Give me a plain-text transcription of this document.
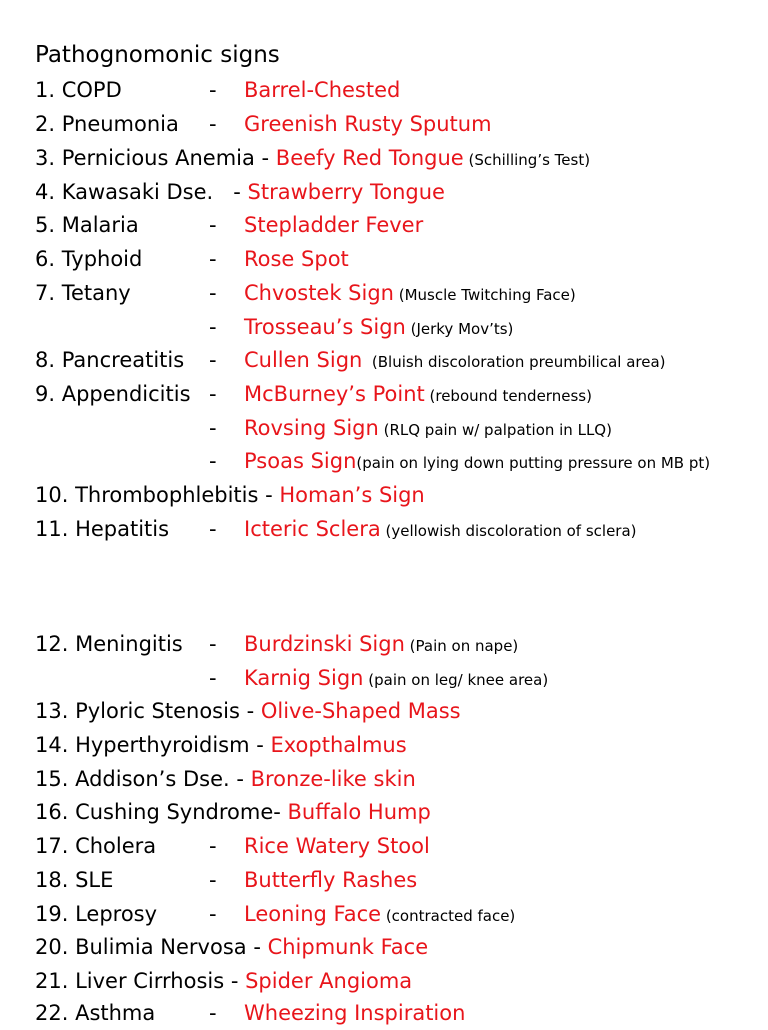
Pathognomonic signs
1. COPD	- Barrel-Chested
2. Pneumonia - Greenish Rusty Sputum
3. Pernicious Anemia - Beefy Red Tongue (Schilling’s Test)
4. Kawasaki Dse.   - Strawberry Tongue
5. Malaria	- Stepladder Fever
6. Typhoid	- Rose Spot
7. Tetany	- Chvostek Sign (Muscle Twitching Face)
- Trosseau’s Sign (Jerky Mov’ts)
8. Pancreatitis - Cullen Sign  (Bluish discoloration preumbilical area)
9. Appendicitis - McBurney’s Point (rebound tenderness)
- Rovsing Sign (RLQ pain w/ palpation in LLQ)
- Psoas Sign(pain on lying down putting pressure on MB pt)
10. Thrombophlebitis - Homan’s Sign
11. Hepatitis - Icteric Sclera (yellowish discoloration of sclera)
12. Meningitis - Burdzinski Sign (Pain on nape)
- Karnig Sign (pain on leg/ knee area)
13. Pyloric Stenosis - Olive-Shaped Mass
14. Hyperthyroidism - Exopthalmus
15. Addison’s Dse. - Bronze-like skin
16. Cushing Syndrome- Buffalo Hump
17. Cholera	- Rice Watery Stool
18. SLE	- Butterfly Rashes
19. Leprosy - Leoning Face (contracted face)
20. Bulimia Nervosa - Chipmunk Face
21. Liver Cirrhosis - Spider Angioma
22. Asthma	- Wheezing Inspiration
